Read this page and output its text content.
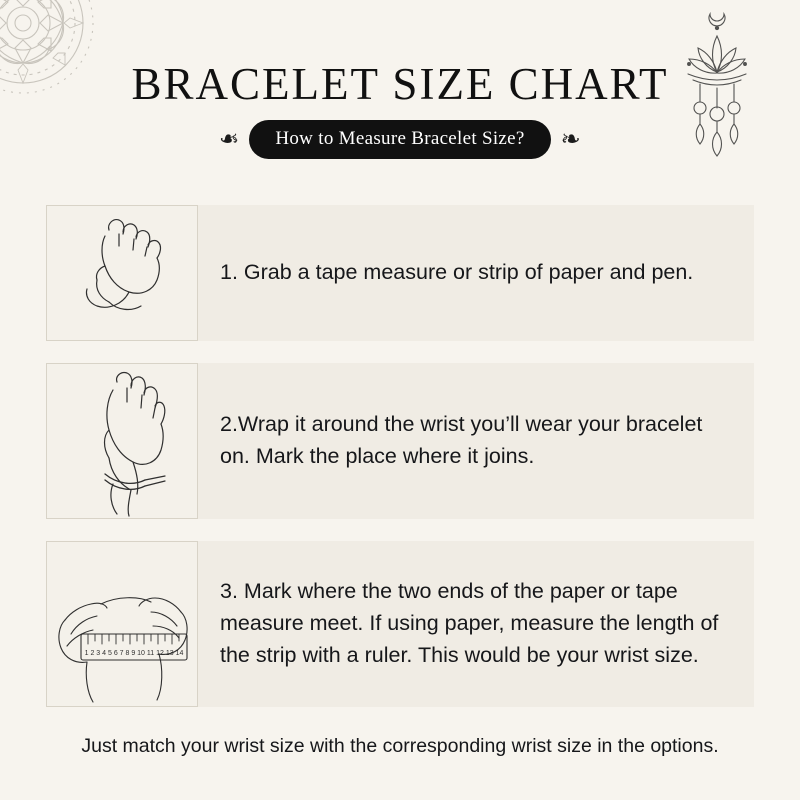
BRACELET SIZE CHART
❧	How to Measure Bracelet Size?	❧
1. Grab a tape measure or strip of paper and pen.
2.Wrap it around the wrist you’ll wear your bracelet on. Mark the place where it joins.
1 2 3 4 5 6 7 8 9 10 11 12 13 14
3. Mark where the two ends of the paper or tape measure meet. If using paper, measure the length of the strip with a ruler. This would be your wrist size.
Just match your wrist size with the corresponding wrist size in the options.
